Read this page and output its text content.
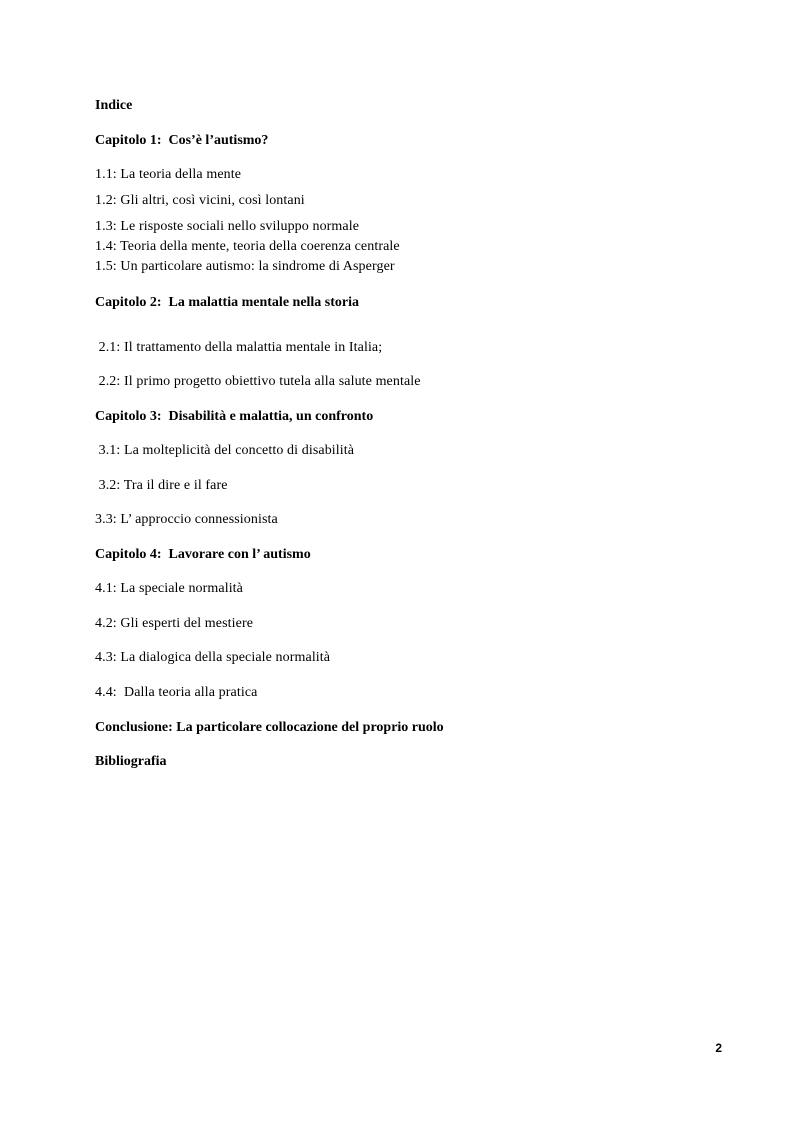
Indice
Capitolo 1:  Cos’è l’autismo?
1.1: La teoria della mente
1.2: Gli altri, così vicini, così lontani
1.3: Le risposte sociali nello sviluppo normale
1.4: Teoria della mente, teoria della coerenza centrale
1.5: Un particolare autismo: la sindrome di Asperger
Capitolo 2:  La malattia mentale nella storia
2.1: Il trattamento della malattia mentale in Italia;
2.2: Il primo progetto obiettivo tutela alla salute mentale
Capitolo 3:  Disabilità e malattia, un confronto
3.1: La molteplicità del concetto di disabilità
3.2: Tra il dire e il fare
3.3: L’ approccio connessionista
Capitolo 4:  Lavorare con l’ autismo
4.1: La speciale normalità
4.2: Gli esperti del mestiere
4.3: La dialogica della speciale normalità
4.4:  Dalla teoria alla pratica
Conclusione: La particolare collocazione del proprio ruolo
Bibliografia
2
